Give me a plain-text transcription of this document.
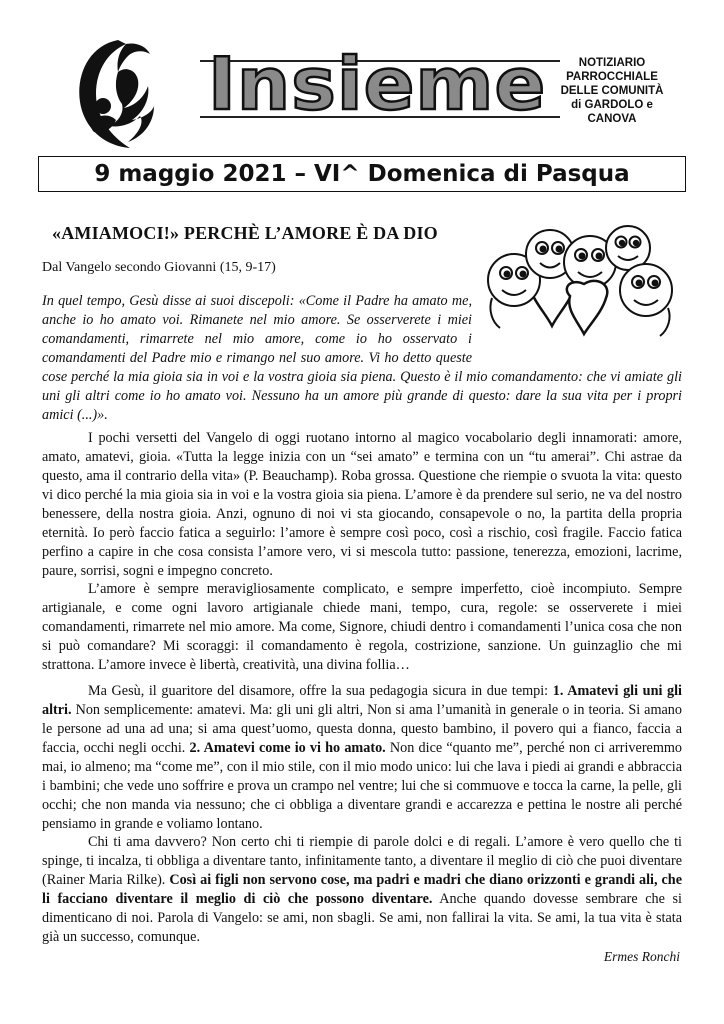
Insieme	NOTIZIARIO
PARROCCHIALE
DELLE COMUNITÀ
di GARDOLO e
CANOVA
9 maggio 2021 – VI^ Domenica di Pasqua
«AMIAMOCI!» PERCHÈ L’AMORE È DA DIO
Dal Vangelo secondo Giovanni (15, 9-17)
In quel tempo, Gesù disse ai suoi discepoli: «Come il Padre ha amato me, anche io ho amato voi. Rimanete nel mio amore. Se osserverete i miei comandamenti, rimarrete nel mio amore, come io ho osservato i comandamenti del Padre mio e rimango nel suo amore. Vi ho detto queste cose perché la mia gioia sia in voi e la vostra gioia sia piena. Questo è il mio comandamento: che vi amiate gli uni gli altri come io ho amato voi. Nessuno ha un amore più grande di questo: dare la sua vita per i propri amici (...)».
I pochi versetti del Vangelo di oggi ruotano intorno al magico vocabolario degli innamorati: amore, amato, amatevi, gioia. «Tutta la legge inizia con un “sei amato” e termina con un “tu amerai”. Chi astrae da questo, ama il contrario della vita» (P. Beauchamp). Roba grossa. Questione che riempie o svuota la vita: questo vi dico perché la mia gioia sia in voi e la vostra gioia sia piena. L’amore è da prendere sul serio, ne va del nostro benessere, della nostra gioia. Anzi, ognuno di noi vi sta giocando, consapevole o no, la partita della propria eternità. Io però faccio fatica a seguirlo: l’amore è sempre così poco, così a rischio, così fragile. Faccio fatica perfino a capire in che cosa consista l’amore vero, vi si mescola tutto: passione, tenerezza, emozioni, lacrime, paure, sorrisi, sogni e impegno concreto.
L’amore è sempre meravigliosamente complicato, e sempre imperfetto, cioè incompiuto. Sempre artigianale, e come ogni lavoro artigianale chiede mani, tempo, cura, regole: se osserverete i miei comandamenti, rimarrete nel mio amore. Ma come, Signore, chiudi dentro i comandamenti l’unica cosa che non si può comandare? Mi scoraggi: il comandamento è regola, costrizione, sanzione. Un guinzaglio che mi strattona. L’amore invece è libertà, creatività, una divina follia…
Ma Gesù, il guaritore del disamore, offre la sua pedagogia sicura in due tempi: 1. Amatevi gli uni gli altri. Non semplicemente: amatevi. Ma: gli uni gli altri, Non si ama l’umanità in generale o in teoria. Si amano le persone ad una ad una; si ama quest’uomo, questa donna, questo bambino, il povero qui a fianco, faccia a faccia, occhi negli occhi. 2. Amatevi come io vi ho amato. Non dice “quanto me”, perché non ci arriveremmo mai, io almeno; ma “come me”, con il mio stile, con il mio modo unico: lui che lava i piedi ai grandi e abbraccia i bambini; che vede uno soffrire e prova un crampo nel ventre; lui che si commuove e tocca la carne, la pelle, gli occhi; che non manda via nessuno; che ci obbliga a diventare grandi e accarezza e pettina le nostre ali perché pensiamo in grande e voliamo lontano.
Chi ti ama davvero? Non certo chi ti riempie di parole dolci e di regali. L’amore è vero quello che ti spinge, ti incalza, ti obbliga a diventare tanto, infinitamente tanto, a diventare il meglio di ciò che puoi diventare (Rainer Maria Rilke). Così ai figli non servono cose, ma padri e madri che diano orizzonti e grandi ali, che li facciano diventare il meglio di ciò che possono diventare. Anche quando dovesse sembrare che si dimenticano di noi. Parola di Vangelo: se ami, non sbagli. Se ami, non fallirai la vita. Se ami, la tua vita è stata già un successo, comunque.
Ermes Ronchi
